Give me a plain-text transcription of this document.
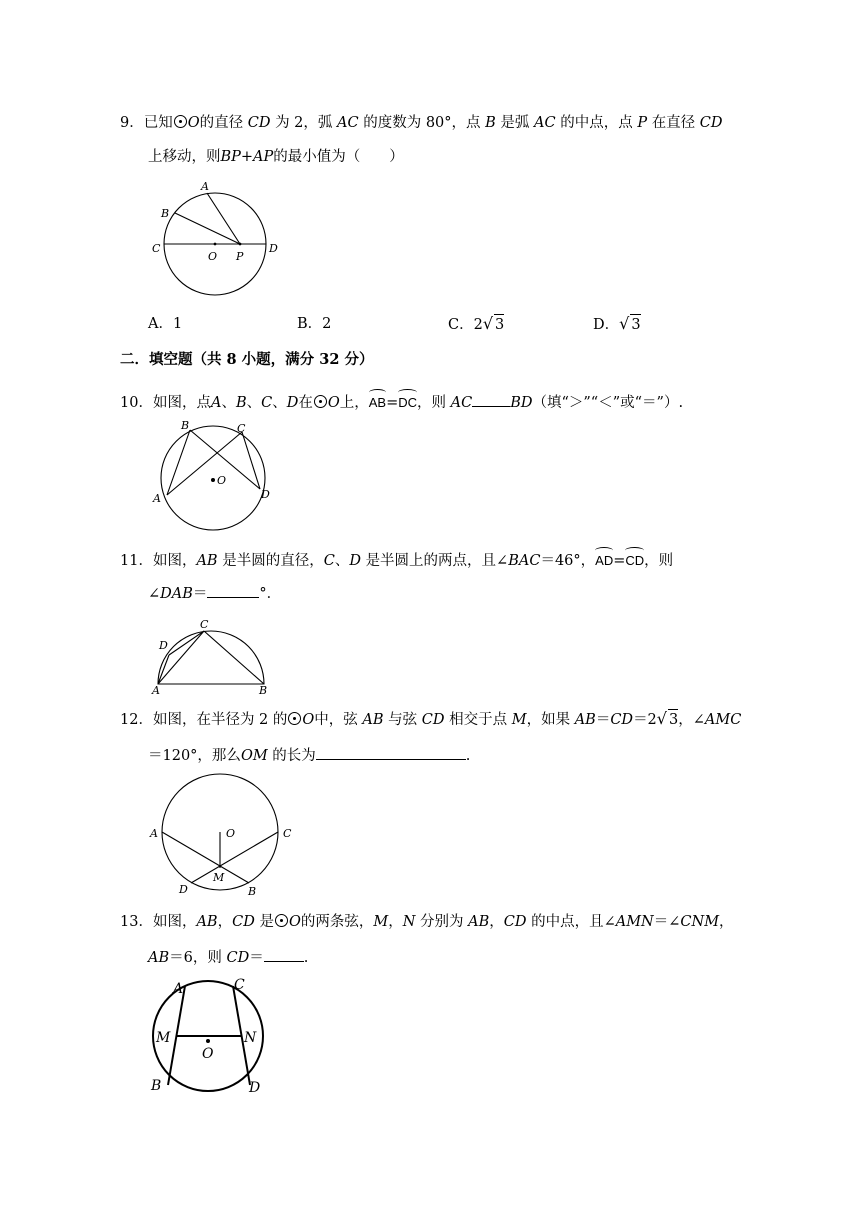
9．已知 O的直径 CD 为 2，弧 AC 的度数为 80°，点 B 是弧 AC 的中点，点 P 在直径 CD
上移动，则BP+AP的最小值为（　　）
A
B
C	D
O P
A．1	B．2	C．2√ 3	D．√ 3
二．填空题（共 8 小题，满分 32 分）
10．如图，点A、B、C、D在 O上，AB=DC，则 AC	BD（填“＞”“＜”或“＝”）.
B	C
A	D
O
11．如图，AB 是半圆的直径，C、D 是半圆上的两点，且∠BAC＝46°，AD=CD，则
∠DAB＝	°．
C
D
A	B
12．如图，在半径为 2 的 O中，弦 AB 与弦 CD 相交于点 M，如果 AB＝CD＝2√ 3，∠AMC
＝120°，那么OM 的长为	.
O
A	C
M
D	B
13．如图，AB，CD 是 O的两条弦，M，N 分别为 AB，CD 的中点，且∠AMN＝∠CNM，
AB＝6，则 CD＝	.
A	C
M	N
O
B	D
